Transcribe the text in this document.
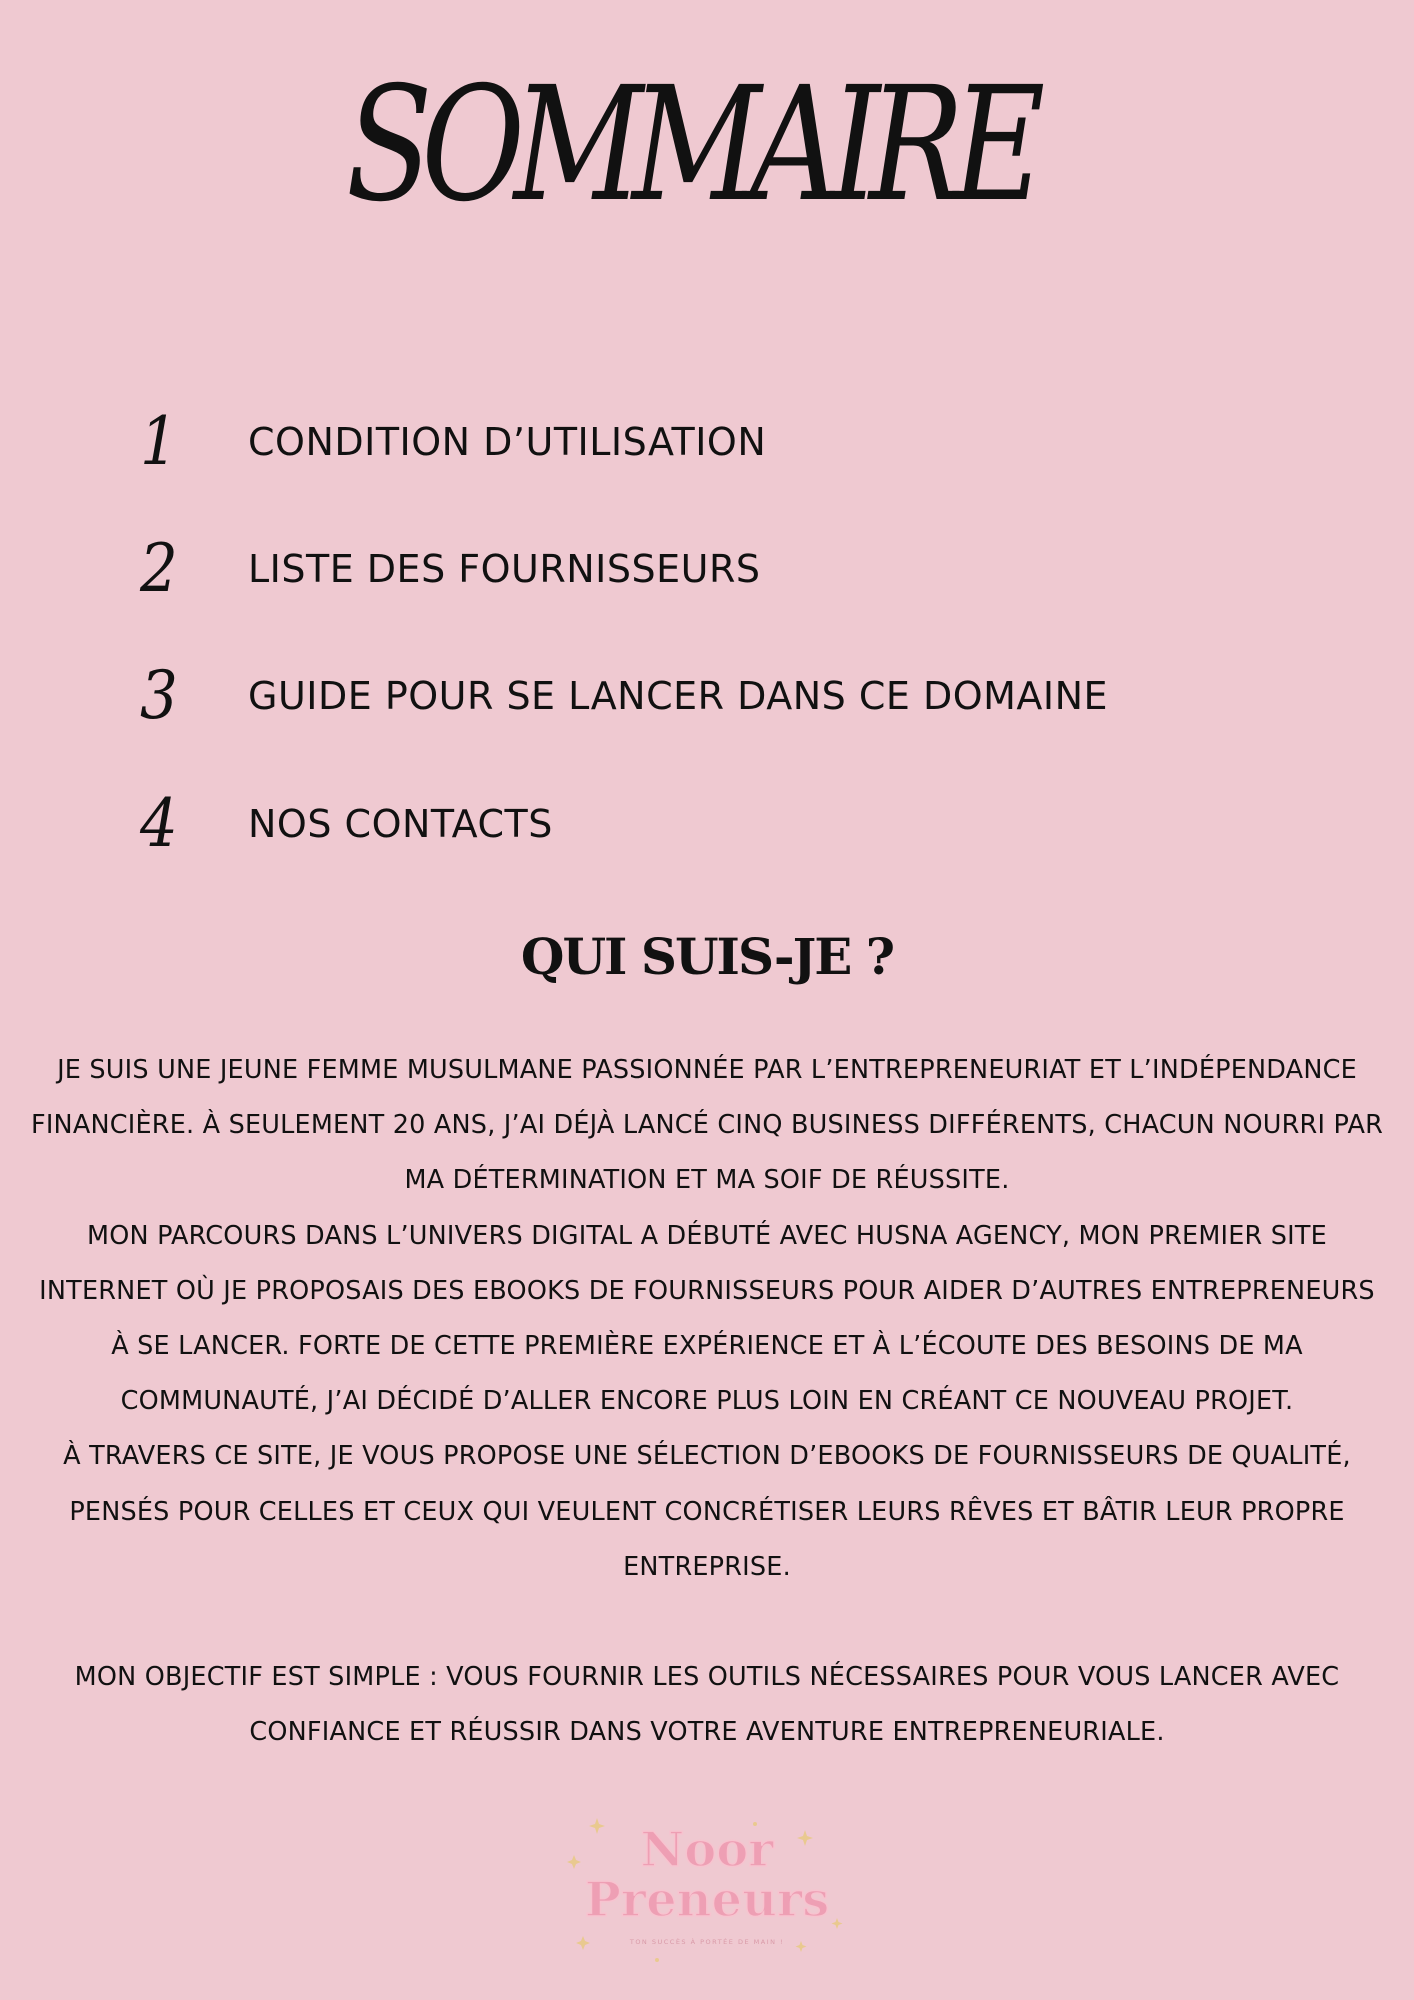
SOMMAIRE
1	CONDITION D’UTILISATION
2	LISTE DES FOURNISSEURS
3	GUIDE POUR SE LANCER DANS CE DOMAINE
4	NOS CONTACTS
QUI SUIS-JE ?

JE SUIS UNE JEUNE FEMME MUSULMANE PASSIONNÉE PAR L’ENTREPRENEURIAT ET L’INDÉPENDANCE FINANCIÈRE. À SEULEMENT 20 ANS, J’AI DÉJÀ LANCÉ CINQ BUSINESS DIFFÉRENTS, CHACUN NOURRI PAR MA DÉTERMINATION ET MA SOIF DE RÉUSSITE.

MON PARCOURS DANS L’UNIVERS DIGITAL A DÉBUTÉ AVEC HUSNA AGENCY, MON PREMIER SITE INTERNET OÙ JE PROPOSAIS DES EBOOKS DE FOURNISSEURS POUR AIDER D’AUTRES ENTREPRENEURS À SE LANCER. FORTE DE CETTE PREMIÈRE EXPÉRIENCE ET À L’ÉCOUTE DES BESOINS DE MA COMMUNAUTÉ, J’AI DÉCIDÉ D’ALLER ENCORE PLUS LOIN EN CRÉANT CE NOUVEAU PROJET.

À TRAVERS CE SITE, JE VOUS PROPOSE UNE SÉLECTION D’EBOOKS DE FOURNISSEURS DE QUALITÉ, PENSÉS POUR CELLES ET CEUX QUI VEULENT CONCRÉTISER LEURS RÊVES ET BÂTIR LEUR PROPRE ENTREPRISE.

MON OBJECTIF EST SIMPLE : VOUS FOURNIR LES OUTILS NÉCESSAIRES POUR VOUS LANCER AVEC CONFIANCE ET RÉUSSIR DANS VOTRE AVENTURE ENTREPRENEURIALE.

Noor
Preneurs
TON SUCCÈS À PORTÉE DE MAIN !
